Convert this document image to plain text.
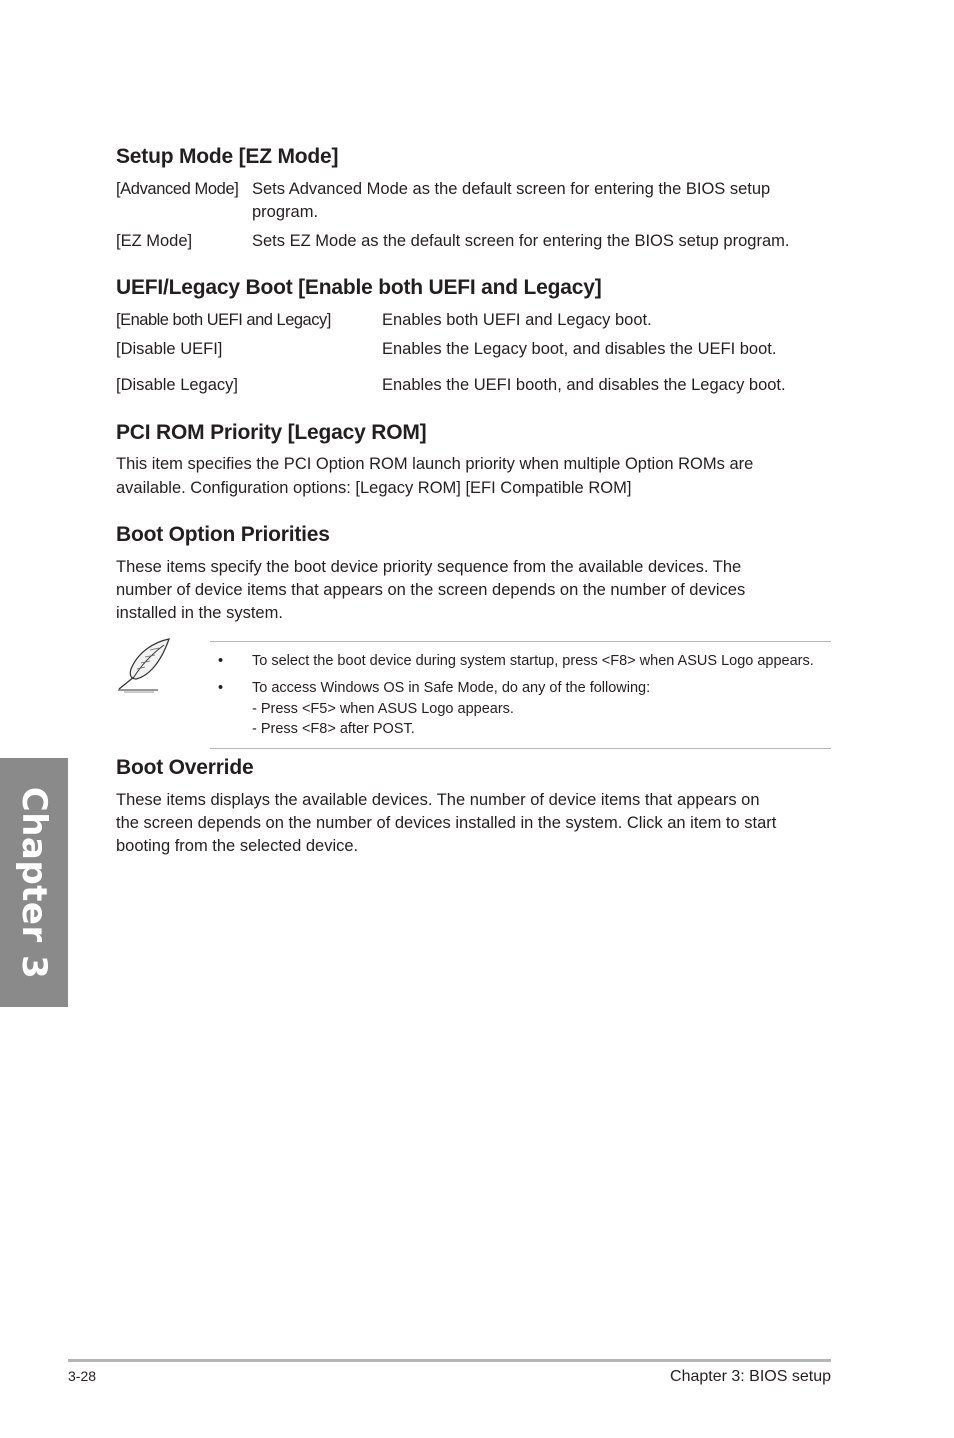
Setup Mode [EZ Mode]
[Advanced Mode] Sets Advanced Mode as the default screen for entering the BIOS setup
program.
[EZ Mode]	Sets EZ Mode as the default screen for entering the BIOS setup program.
UEFI/Legacy Boot [Enable both UEFI and Legacy]
[Enable both UEFI and Legacy]	Enables both UEFI and Legacy boot.
[Disable UEFI]	Enables the Legacy boot, and disables the UEFI boot.
[Disable Legacy]	Enables the UEFI booth, and disables the Legacy boot.
PCI ROM Priority [Legacy ROM]
This item specifies the PCI Option ROM launch priority when multiple Option ROMs are
available. Configuration options: [Legacy ROM] [EFI Compatible ROM]
Boot Option Priorities
These items specify the boot device priority sequence from the available devices. The
number of device items that appears on the screen depends on the number of devices
installed in the system.
• To select the boot device during system startup, press <F8> when ASUS Logo appears.
• To access Windows OS in Safe Mode, do any of the following:
- Press <F5> when ASUS Logo appears.
- Press <F8> after POST.
Boot Override
These items displays the available devices. The number of device items that appears on
the screen depends on the number of devices installed in the system. Click an item to start
booting from the selected device.
Chapter 3
3-28	Chapter 3: BIOS setup
